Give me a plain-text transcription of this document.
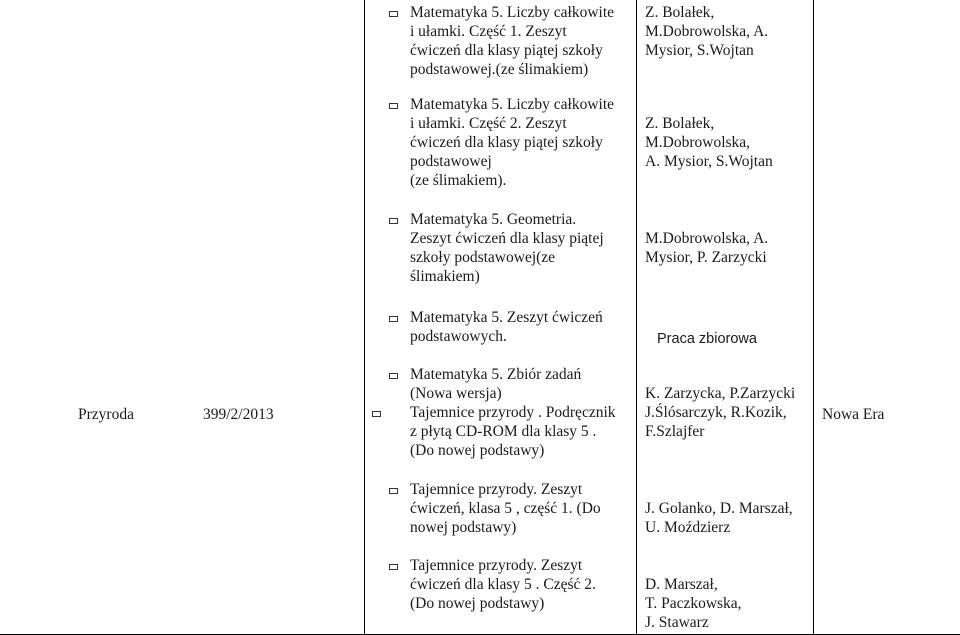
Przyroda	399/2/2013	Nowa Era
Matematyka 5. Liczby całkowite
i ułamki. Część 1. Zeszyt
ćwiczeń dla klasy piątej szkoły
podstawowej.(ze ślimakiem)
Matematyka 5. Liczby całkowite
i ułamki. Część 2. Zeszyt
ćwiczeń dla klasy piątej szkoły
podstawowej
(ze ślimakiem).
Matematyka 5. Geometria.
Zeszyt ćwiczeń dla klasy piątej
szkoły podstawowej(ze
ślimakiem)
Matematyka 5. Zeszyt ćwiczeń
podstawowych.
Matematyka 5. Zbiór zadań
(Nowa wersja)
Tajemnice przyrody . Podręcznik
z płytą CD-ROM dla klasy 5 .
(Do nowej podstawy)
Tajemnice przyrody. Zeszyt
ćwiczeń, klasa 5 , część 1. (Do
nowej podstawy)
Tajemnice przyrody. Zeszyt
ćwiczeń dla klasy 5 . Część 2.
(Do nowej podstawy)
Z. Bolałek,
M.Dobrowolska, A.
Mysior, S.Wojtan
Z. Bolałek,
M.Dobrowolska,
A. Mysior, S.Wojtan
M.Dobrowolska, A.
Mysior, P. Zarzycki
Praca zbiorowa
K. Zarzycka, P.Zarzycki
J.Ślósarczyk, R.Kozik,
F.Szlajfer
J. Golanko, D. Marszał,
U. Moździerz
D. Marszał,
T. Paczkowska,
J. Stawarz
